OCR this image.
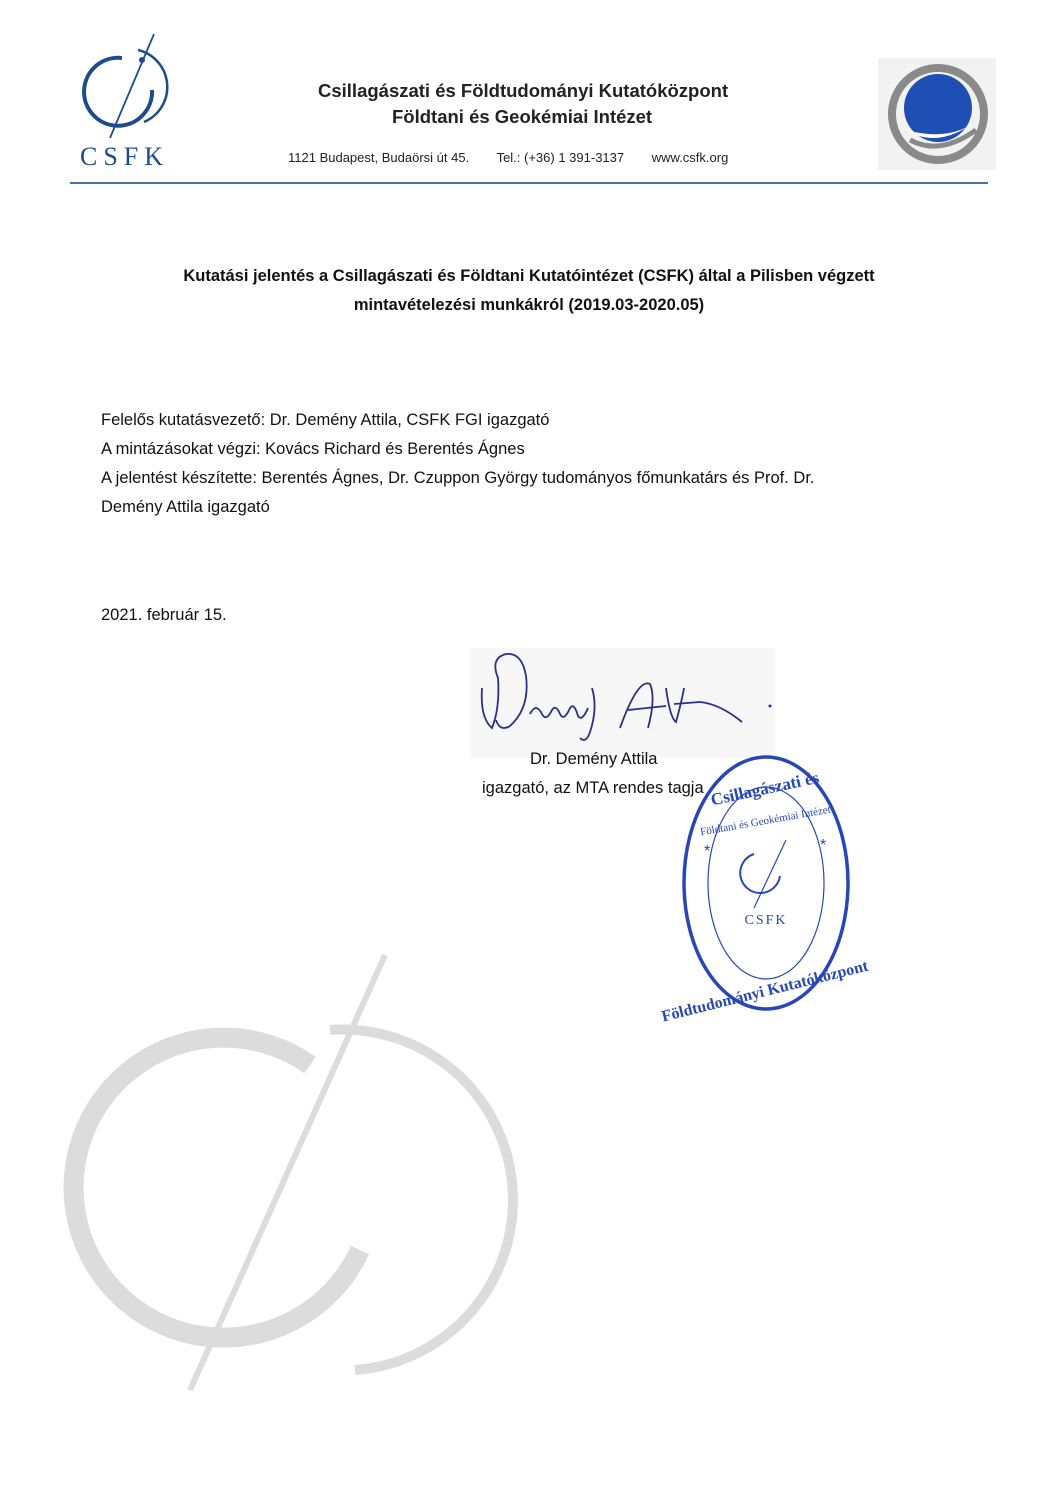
CSFK
Csillagászati és Földtudományi Kutatóközpont
Földtani és Geokémiai Intézet
1121 Budapest, Budaörsi út 45. Tel.: (+36) 1 391-3137 www.csfk.org
Kutatási jelentés a Csillagászati és Földtani Kutatóintézet (CSFK) által a Pilisben végzett
mintavételezési munkákról (2019.03-2020.05)
Felelős kutatásvezető: Dr. Demény Attila, CSFK FGI igazgató
A mintázásokat végzi: Kovács Richard és Berentés Ágnes
A jelentést készítette: Berentés Ágnes, Dr. Czuppon György tudományos főmunkatárs és Prof. Dr.
Demény Attila igazgató
2021. február 15.
Dr. Demény Attila
igazgató, az MTA rendes tagja Csillagászati és
Földtani és Geokémiai Intézet
Földtudományi Kutatóközpont
CSFK
*	*
